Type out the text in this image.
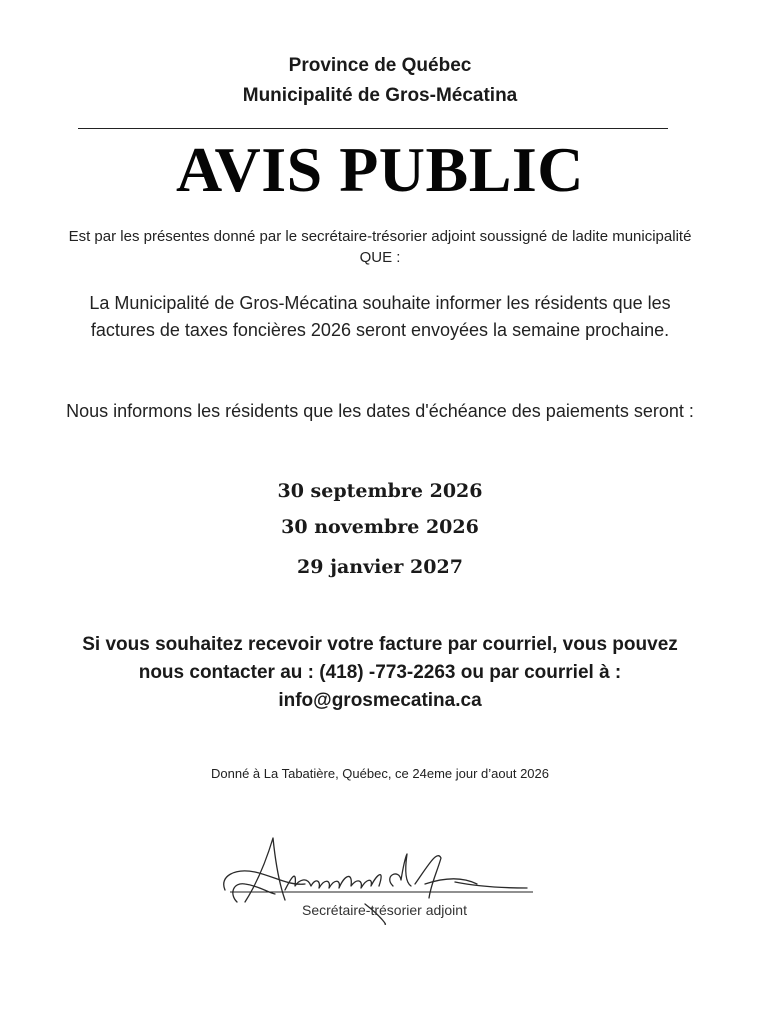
Province de Québec
Municipalité de Gros-Mécatina
AVIS PUBLIC
Est par les présentes donné par le secrétaire-trésorier adjoint soussigné de ladite municipalité QUE :
La Municipalité de Gros-Mécatina souhaite informer les résidents que les factures de taxes foncières 2026 seront envoyées la semaine prochaine.
Nous informons les résidents que les dates d'échéance des paiements seront :
30 septembre 2026
30 novembre 2026
29 janvier 2027
Si vous souhaitez recevoir votre facture par courriel, vous pouvez nous contacter au : (418) -773-2263 ou par courriel à : info@grosmecatina.ca
Donné à La Tabatière, Québec, ce 24eme jour d’aout 2026
Secrétaire-trésorier adjoint
